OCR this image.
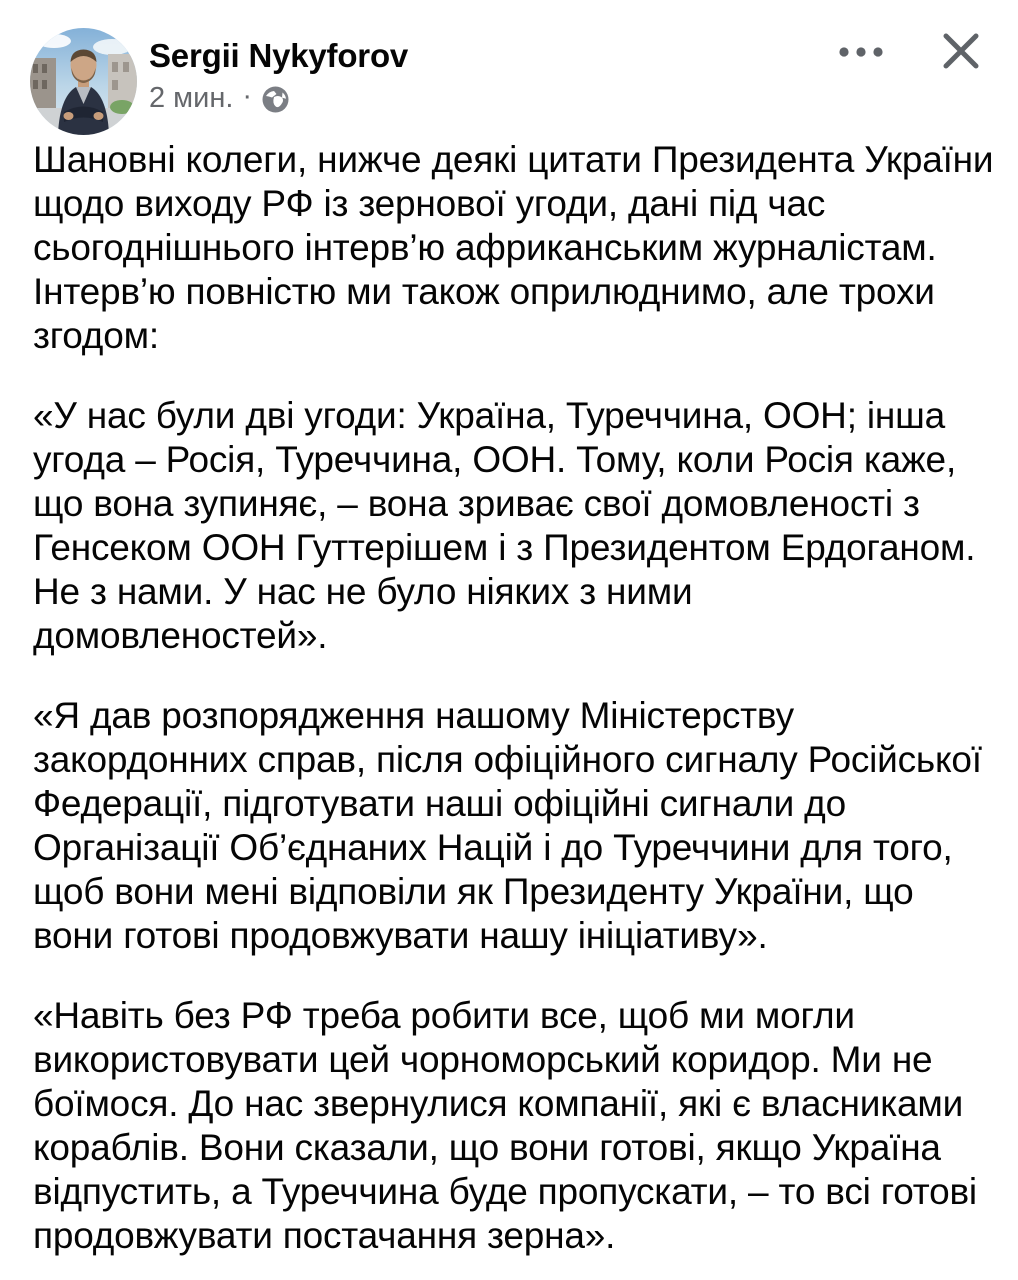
Sergii Nykyforov
2 мин. ·

Шановні колеги, нижче деякі цитати Президента України щодо виходу РФ із зернової угоди, дані під час сьогоднішнього інтерв’ю африканським журналістам. Інтерв’ю повністю ми також оприлюднимо, але трохи згодом:

«У нас були дві угоди: Україна, Туреччина, ООН; інша угода – Росія, Туреччина, ООН. Тому, коли Росія каже, що вона зупиняє, – вона зриває свої домовленості з Генсеком ООН Гуттерішем і з Президентом Ердоганом. Не з нами. У нас не було ніяких з ними домовленостей».

«Я дав розпорядження нашому Міністерству закордонних справ, після офіційного сигналу Російської Федерації, підготувати наші офіційні сигнали до Організації Об’єднаних Націй і до Туреччини для того, щоб вони мені відповіли як Президенту України, що вони готові продовжувати нашу ініціативу».

«Навіть без РФ треба робити все, щоб ми могли використовувати цей чорноморський коридор. Ми не боїмося. До нас звернулися компанії, які є власниками кораблів. Вони сказали, що вони готові, якщо Україна відпустить, а Туреччина буде пропускати, – то всі готові продовжувати постачання зерна».
